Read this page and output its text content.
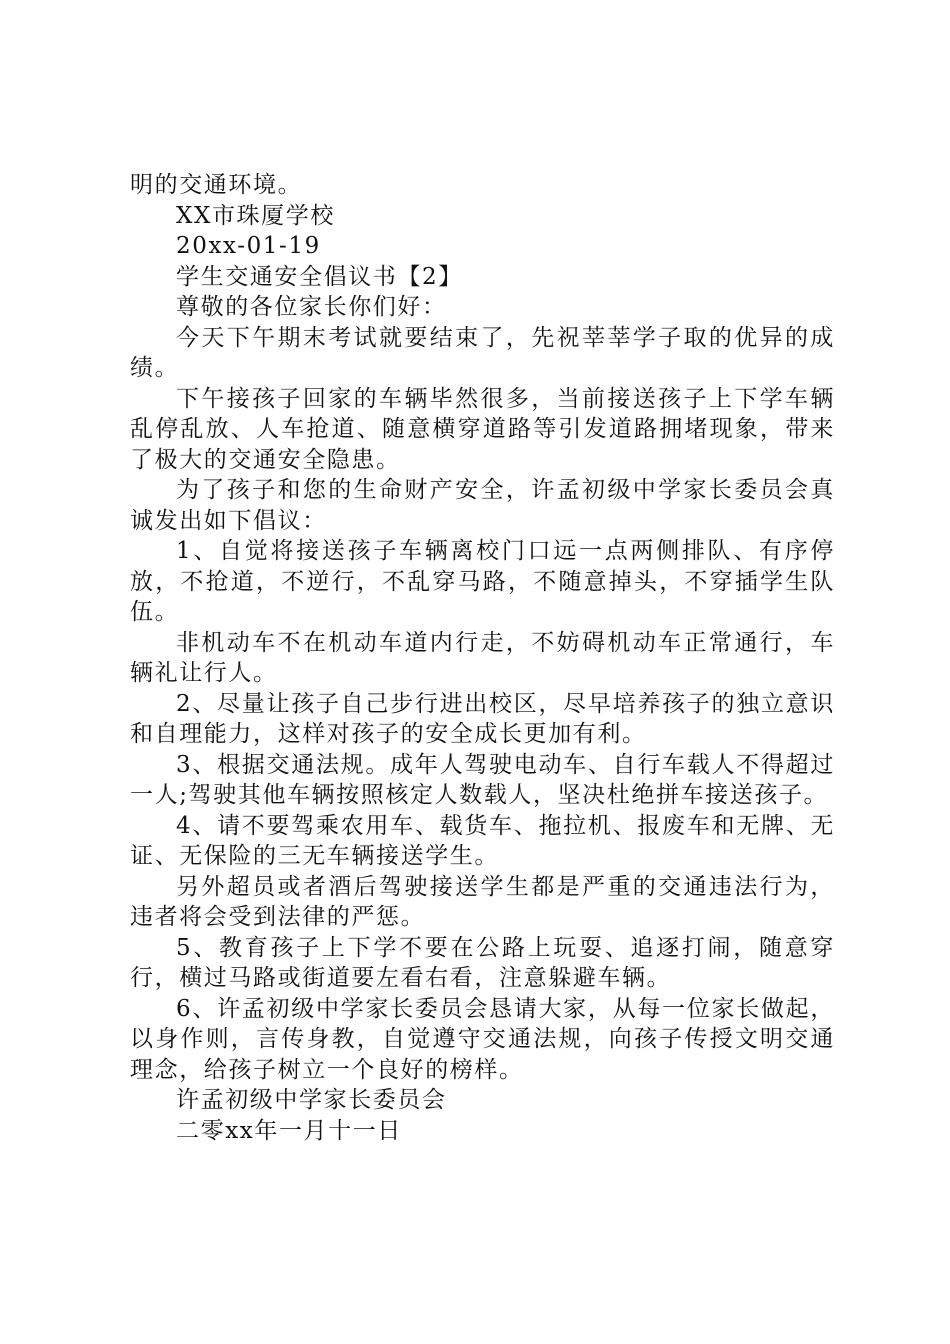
明的交通环境。

XX市珠厦学校

20xx-01-19

学生交通安全倡议书【2】

尊敬的各位家长你们好：

今天下午期末考试就要结束了，先祝莘莘学子取的优异的成绩。

下午接孩子回家的车辆毕然很多，当前接送孩子上下学车辆乱停乱放、人车抢道、随意横穿道路等引发道路拥堵现象，带来了极大的交通安全隐患。

为了孩子和您的生命财产安全，许孟初级中学家长委员会真诚发出如下倡议：

1、自觉将接送孩子车辆离校门口远一点两侧排队、有序停放，不抢道，不逆行，不乱穿马路，不随意掉头，不穿插学生队伍。

非机动车不在机动车道内行走，不妨碍机动车正常通行，车辆礼让行人。

2、尽量让孩子自己步行进出校区，尽早培养孩子的独立意识和自理能力，这样对孩子的安全成长更加有利。

3、根据交通法规。成年人驾驶电动车、自行车载人不得超过一人;驾驶其他车辆按照核定人数载人，坚决杜绝拼车接送孩子。

4、请不要驾乘农用车、载货车、拖拉机、报废车和无牌、无证、无保险的三无车辆接送学生。

另外超员或者酒后驾驶接送学生都是严重的交通违法行为，违者将会受到法律的严惩。

5、教育孩子上下学不要在公路上玩耍、追逐打闹，随意穿行，横过马路或街道要左看右看，注意躲避车辆。

6、许孟初级中学家长委员会恳请大家，从每一位家长做起，以身作则，言传身教，自觉遵守交通法规，向孩子传授文明交通理念，给孩子树立一个良好的榜样。

许孟初级中学家长委员会

二零xx年一月十一日
